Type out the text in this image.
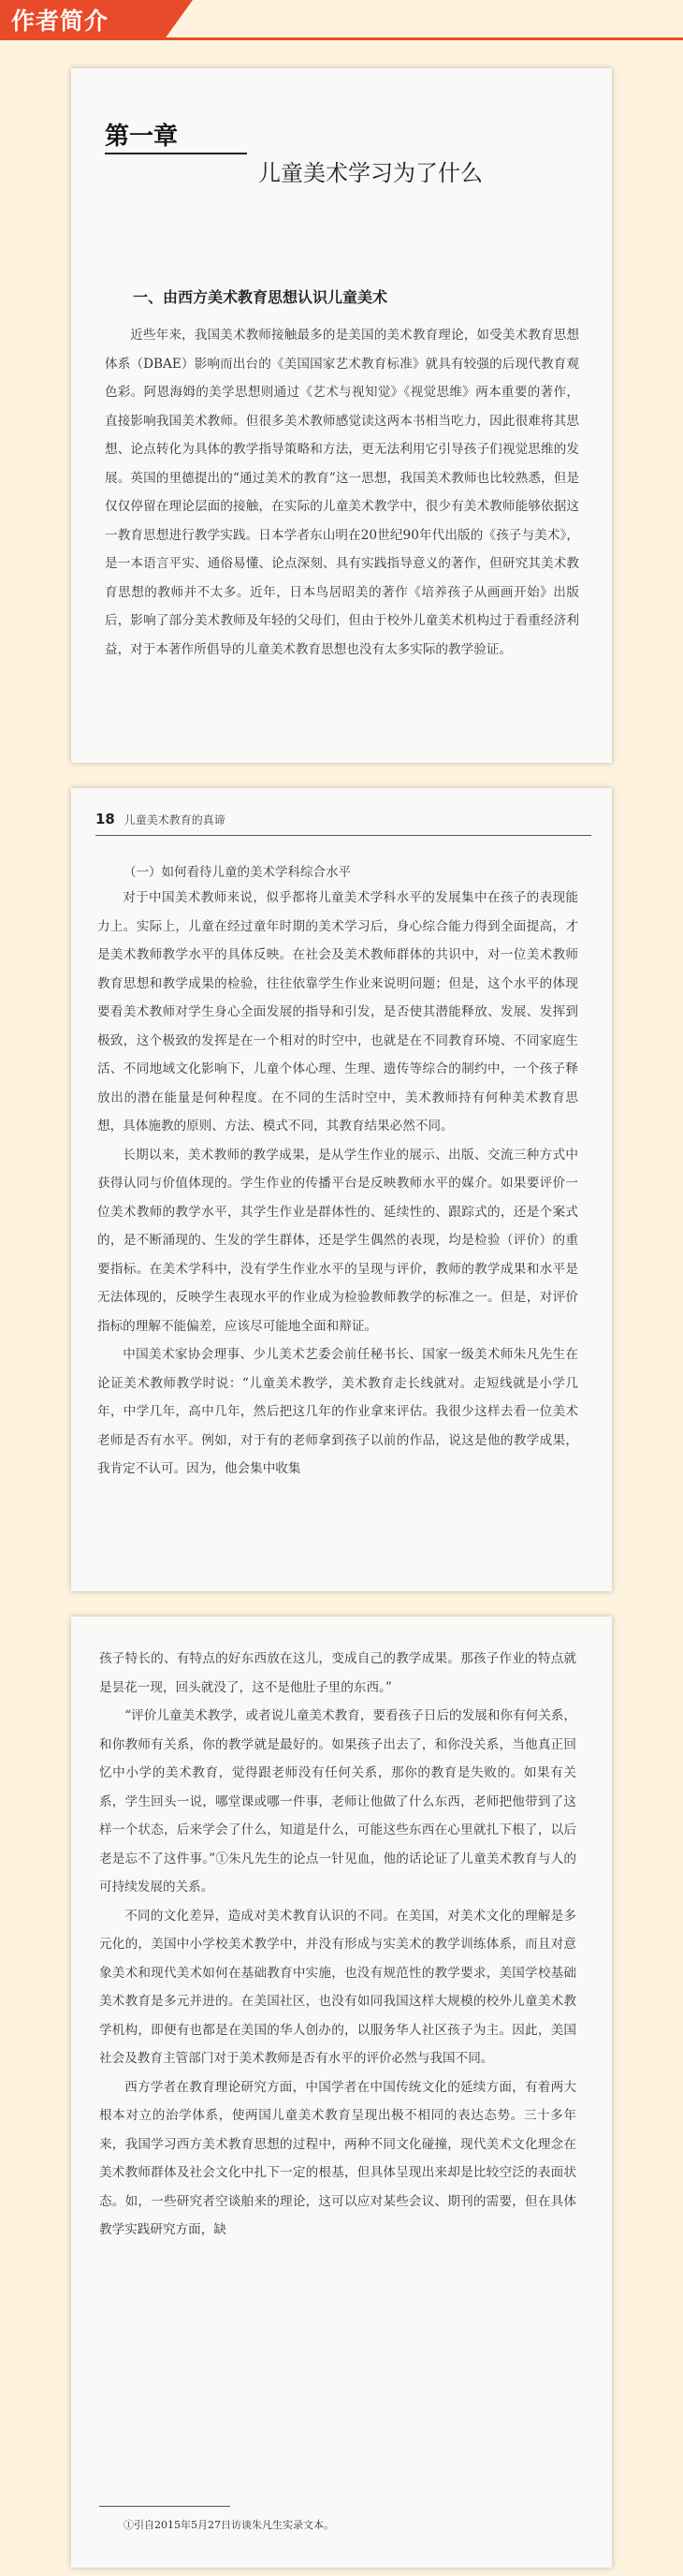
作者简介
第一章
儿童美术学习为了什么
一、由西方美术教育思想认识儿童美术

近些年来，我国美术教师接触最多的是美国的美术教育理论，如受美术教育思想体系（DBAE）影响而出台的《美国国家艺术教育标准》就具有较强的后现代教育观色彩。阿恩海姆的美学思想则通过《艺术与视知觉》《视觉思维》两本重要的著作，直接影响我国美术教师。但很多美术教师感觉读这两本书相当吃力，因此很难将其思想、论点转化为具体的教学指导策略和方法，更无法利用它引导孩子们视觉思维的发展。英国的里德提出的“通过美术的教育”这一思想，我国美术教师也比较熟悉，但是仅仅停留在理论层面的接触，在实际的儿童美术教学中，很少有美术教师能够依据这一教育思想进行教学实践。日本学者东山明在20世纪90年代出版的《孩子与美术》，是一本语言平实、通俗易懂、论点深刻、具有实践指导意义的著作，但研究其美术教育思想的教师并不太多。近年，日本鸟居昭美的著作《培养孩子从画画开始》出版后，影响了部分美术教师及年轻的父母们，但由于校外儿童美术机构过于看重经济利益，对于本著作所倡导的儿童美术教育思想也没有太多实际的教学验证。

18 儿童美术教育的真谛
（一）如何看待儿童的美术学科综合水平

对于中国美术教师来说，似乎都将儿童美术学科水平的发展集中在孩子的表现能力上。实际上，儿童在经过童年时期的美术学习后，身心综合能力得到全面提高，才是美术教师教学水平的具体反映。在社会及美术教师群体的共识中，对一位美术教师教育思想和教学成果的检验，往往依靠学生作业来说明问题；但是，这个水平的体现要看美术教师对学生身心全面发展的指导和引发，是否使其潜能释放、发展、发挥到极致，这个极致的发挥是在一个相对的时空中，也就是在不同教育环境、不同家庭生活、不同地域文化影响下，儿童个体心理、生理、遗传等综合的制约中，一个孩子释放出的潜在能量是何种程度。在不同的生活时空中，美术教师持有何种美术教育思想，具体施教的原则、方法、模式不同，其教育结果必然不同。

长期以来，美术教师的教学成果，是从学生作业的展示、出版、交流三种方式中获得认同与价值体现的。学生作业的传播平台是反映教师水平的媒介。如果要评价一位美术教师的教学水平，其学生作业是群体性的、延续性的、跟踪式的，还是个案式的，是不断涌现的、生发的学生群体，还是学生偶然的表现，均是检验（评价）的重要指标。在美术学科中，没有学生作业水平的呈现与评价，教师的教学成果和水平是无法体现的，反映学生表现水平的作业成为检验教师教学的标准之一。但是，对评价指标的理解不能偏差，应该尽可能地全面和辩证。

中国美术家协会理事、少儿美术艺委会前任秘书长、国家一级美术师朱凡先生在论证美术教师教学时说：“儿童美术教学，美术教育走长线就对。走短线就是小学几年，中学几年，高中几年，然后把这几年的作业拿来评估。我很少这样去看一位美术老师是否有水平。例如，对于有的老师拿到孩子以前的作品，说这是他的教学成果，我肯定不认可。因为，他会集中收集

孩子特长的、有特点的好东西放在这儿，变成自己的教学成果。那孩子作业的特点就是昙花一现，回头就没了，这不是他肚子里的东西。”

“评价儿童美术教学，或者说儿童美术教育，要看孩子日后的发展和你有何关系，和你教师有关系，你的教学就是最好的。如果孩子出去了，和你没关系，当他真正回忆中小学的美术教育，觉得跟老师没有任何关系，那你的教育是失败的。如果有关系，学生回头一说，哪堂课或哪一件事，老师让他做了什么东西，老师把他带到了这样一个状态，后来学会了什么，知道是什么，可能这些东西在心里就扎下根了，以后老是忘不了这件事。”①朱凡先生的论点一针见血，他的话论证了儿童美术教育与人的可持续发展的关系。

不同的文化差异，造成对美术教育认识的不同。在美国，对美术文化的理解是多元化的，美国中小学校美术教学中，并没有形成与实美术的教学训练体系，而且对意象美术和现代美术如何在基础教育中实施，也没有规范性的教学要求，美国学校基础美术教育是多元并进的。在美国社区，也没有如同我国这样大规模的校外儿童美术教学机构，即便有也都是在美国的华人创办的，以服务华人社区孩子为主。因此，美国社会及教育主管部门对于美术教师是否有水平的评价必然与我国不同。

西方学者在教育理论研究方面，中国学者在中国传统文化的延续方面，有着两大根本对立的治学体系，使两国儿童美术教育呈现出极不相同的表达态势。三十多年来，我国学习西方美术教育思想的过程中，两种不同文化碰撞，现代美术文化理念在美术教师群体及社会文化中扎下一定的根基，但具体呈现出来却是比较空泛的表面状态。如，一些研究者空谈舶来的理论，这可以应对某些会议、期刊的需要，但在具体教学实践研究方面，缺

①引自2015年5月27日访谈朱凡生实录文本。
